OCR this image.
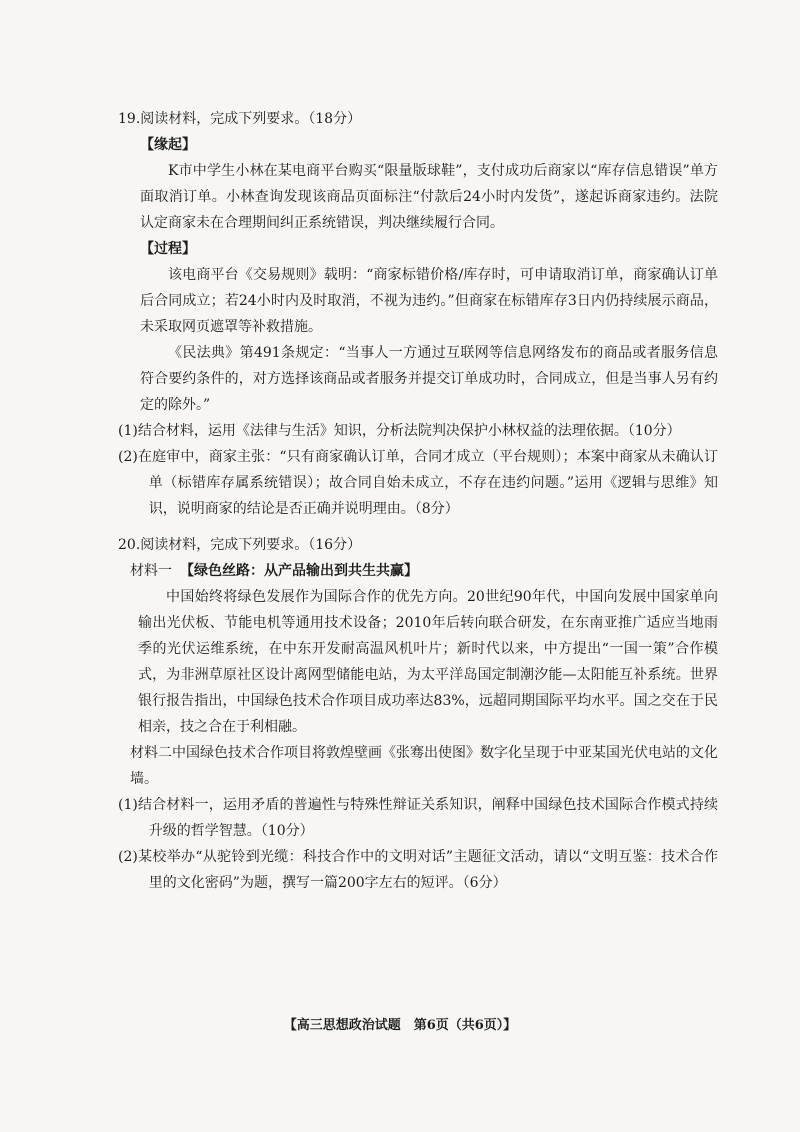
19.阅读材料，完成下列要求。（18分）

【缘起】

K市中学生小林在某电商平台购买“限量版球鞋”，支付成功后商家以“库存信息错误”单方面取消订单。小林查询发现该商品页面标注“付款后24小时内发货”，遂起诉商家违约。法院认定商家未在合理期间纠正系统错误，判决继续履行合同。

【过程】

该电商平台《交易规则》载明：“商家标错价格/库存时，可申请取消订单，商家确认订单后合同成立；若24小时内及时取消，不视为违约。”但商家在标错库存3日内仍持续展示商品，未采取网页遮罩等补救措施。

《民法典》第491条规定：“当事人一方通过互联网等信息网络发布的商品或者服务信息符合要约条件的，对方选择该商品或者服务并提交订单成功时，合同成立，但是当事人另有约定的除外。”

(1)结合材料，运用《法律与生活》知识，分析法院判决保护小林权益的法理依据。（10分）

(2)在庭审中，商家主张：“只有商家确认订单，合同才成立（平台规则）；本案中商家从未确认订单（标错库存属系统错误）；故合同自始未成立，不存在违约问题。”运用《逻辑与思维》知识，说明商家的结论是否正确并说明理由。（8分）

20.阅读材料，完成下列要求。（16分）

材料一 【绿色丝路：从产品输出到共生共赢】

中国始终将绿色发展作为国际合作的优先方向。20世纪90年代，中国向发展中国家单向输出光伏板、节能电机等通用技术设备；2010年后转向联合研发，在东南亚推广适应当地雨季的光伏运维系统，在中东开发耐高温风机叶片；新时代以来，中方提出“一国一策”合作模式，为非洲草原社区设计离网型储能电站，为太平洋岛国定制潮汐能—太阳能互补系统。世界银行报告指出，中国绿色技术合作项目成功率达83%，远超同期国际平均水平。国之交在于民相亲，技之合在于利相融。

材料二中国绿色技术合作项目将敦煌壁画《张骞出使图》数字化呈现于中亚某国光伏电站的文化墙。

(1)结合材料一，运用矛盾的普遍性与特殊性辩证关系知识，阐释中国绿色技术国际合作模式持续升级的哲学智慧。（10分）

(2)某校举办“从驼铃到光缆：科技合作中的文明对话”主题征文活动，请以“文明互鉴：技术合作里的文化密码”为题，撰写一篇200字左右的短评。（6分）

【高三思想政治试题　第6页（共6页）】
